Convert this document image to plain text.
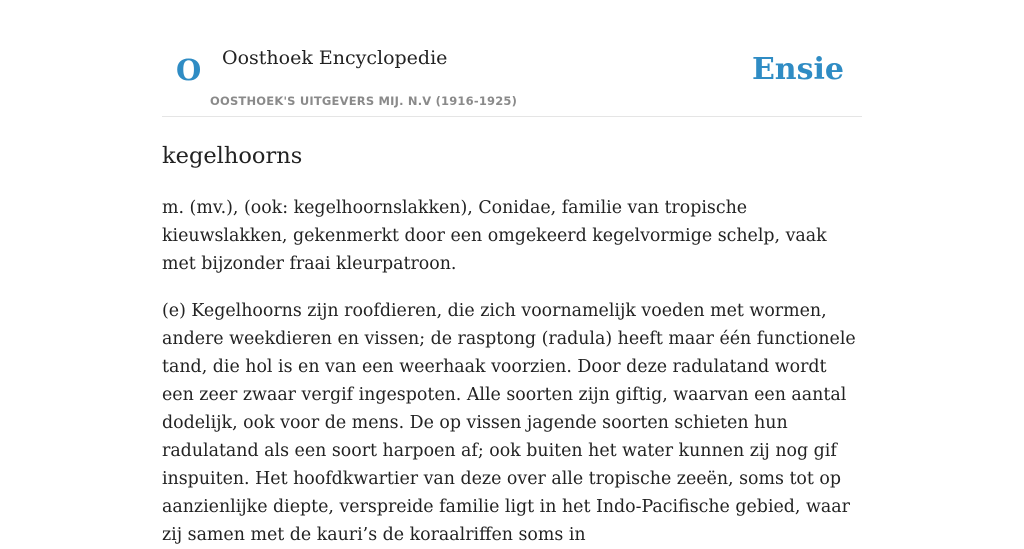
O Oosthoek Encyclopedie
OOSTHOEK'S UITGEVERS MIJ. N.V (1916-1925)
Ensie
kegelhoorns

m. (mv.), (ook: kegelhoornslakken), Conidae, familie van tropische kieuwslakken, gekenmerkt door een omgekeerd kegelvormige schelp, vaak met bijzonder fraai kleurpatroon.

(e) Kegelhoorns zijn roofdieren, die zich voornamelijk voeden met wormen, andere weekdieren en vissen; de rasptong (radula) heeft maar één functionele tand, die hol is en van een weerhaak voorzien. Door deze radulatand wordt een zeer zwaar vergif ingespoten. Alle soorten zijn giftig, waarvan een aantal dodelijk, ook voor de mens. De op vissen jagende soorten schieten hun radulatand als een soort harpoen af; ook buiten het water kunnen zij nog gif inspuiten. Het hoofdkwartier van deze over alle tropische zeeën, soms tot op aanzienlijke diepte, verspreide familie ligt in het Indo-Pacifische gebied, waar zij samen met de kauri’s de koraalriffen soms in
